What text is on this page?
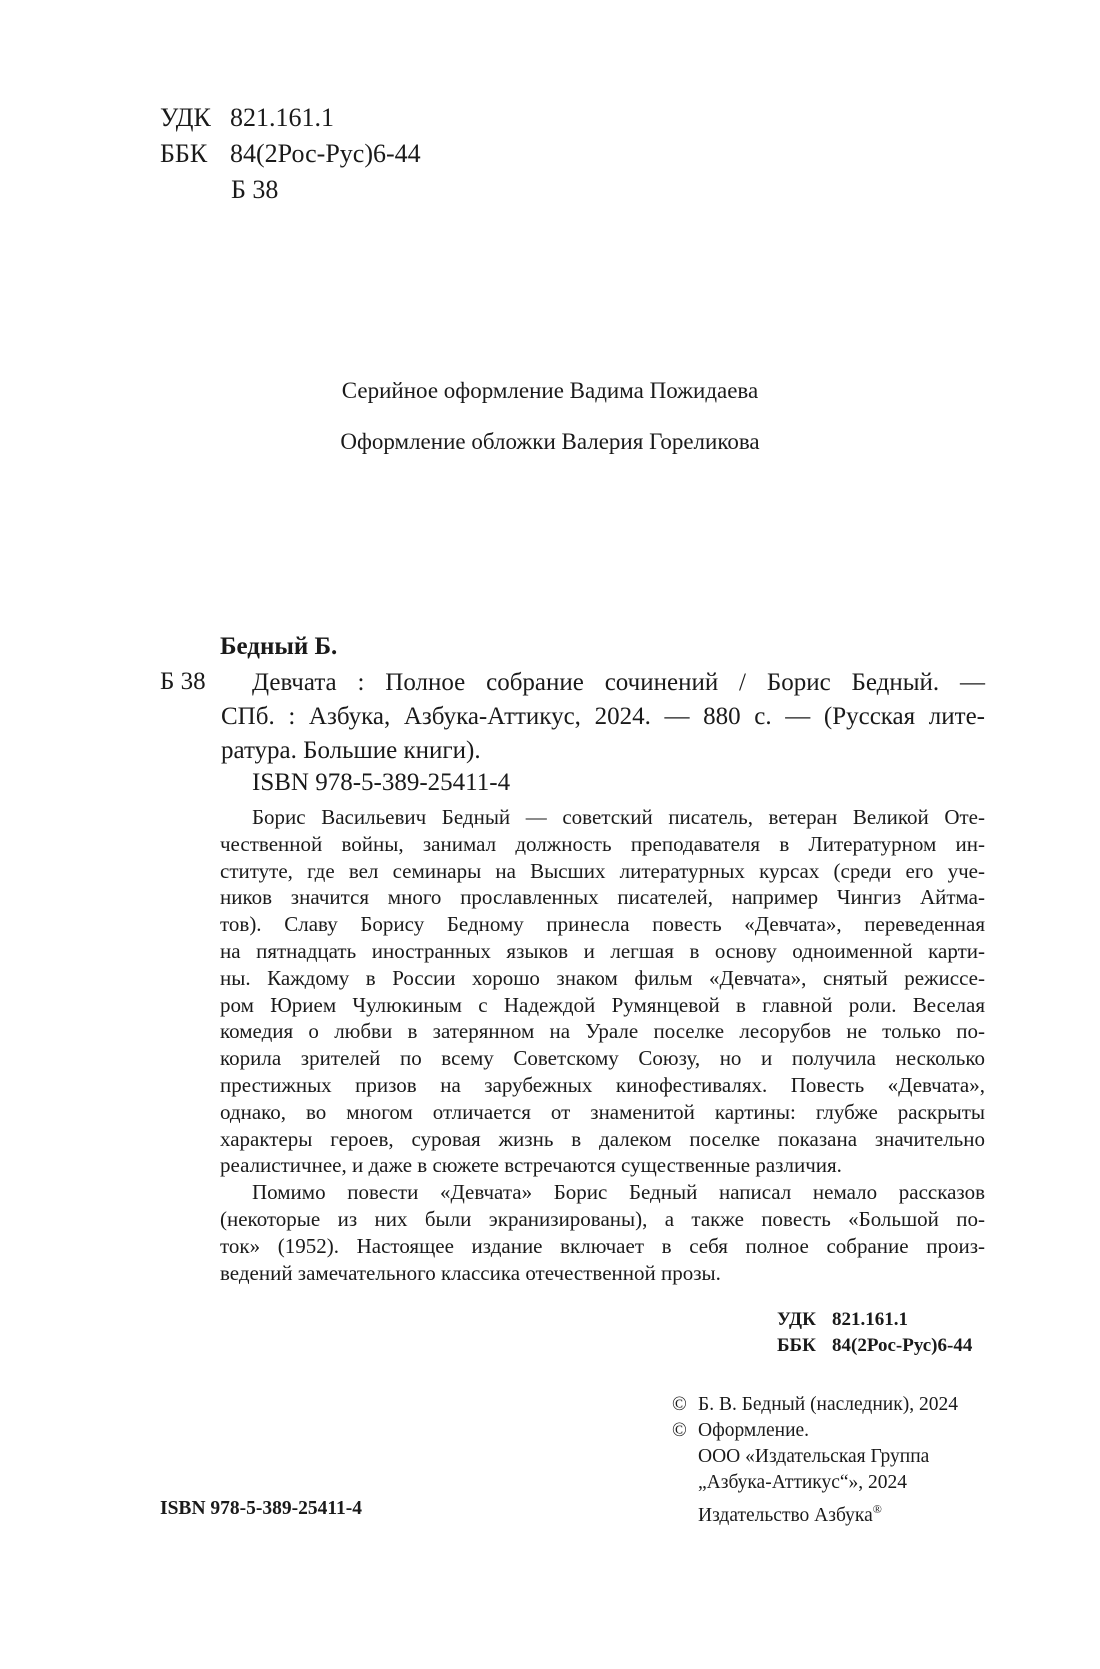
УДК 821.161.1
ББК 84(2Рос-Рус)6-44
Б 38
Серийное оформление Вадима Пожидаева
Оформление обложки Валерия Гореликова
Бедный Б.
Б 38 Девчата : Полное собрание сочинений / Борис Бедный. —
СПб. : Азбука, Азбука-Аттикус, 2024. — 880 с. — (Русская лите-
ратура. Большие книги).
ISBN 978-5-389-25411-4
Борис Васильевич Бедный — советский писатель, ветеран Великой Оте-
чественной войны, занимал должность преподавателя в Литературном ин-
ституте, где вел семинары на Высших литературных курсах (среди его уче-
ников значится много прославленных писателей, например Чингиз Айтма-
тов). Славу Борису Бедному принесла повесть «Девчата», переведенная
на пятнадцать иностранных языков и легшая в основу одноименной карти-
ны. Каждому в России хорошо знаком фильм «Девчата», снятый режиссе-
ром Юрием Чулюкиным с Надеждой Румянцевой в главной роли. Веселая
комедия о любви в затерянном на Урале поселке лесорубов не только по-
корила зрителей по всему Советскому Союзу, но и получила несколько
престижных призов на зарубежных кинофестивалях. Повесть «Девчата»,
однако, во многом отличается от знаменитой картины: глубже раскрыты
характеры героев, суровая жизнь в далеком поселке показана значительно
реалистичнее, и даже в сюжете встречаются существенные различия.
Помимо повести «Девчата» Борис Бедный написал немало рассказов
(некоторые из них были экранизированы), а также повесть «Большой по-
ток» (1952). Настоящее издание включает в себя полное собрание произ-
ведений замечательного классика отечественной прозы.
УДК 821.161.1
ББК 84(2Рос-Рус)6-44
© Б. В. Бедный (наследник), 2024
© Оформление.
ООО «Издательская Группа
„Азбука-Аттикус“», 2024
Издательство Азбука®
ISBN 978-5-389-25411-4
